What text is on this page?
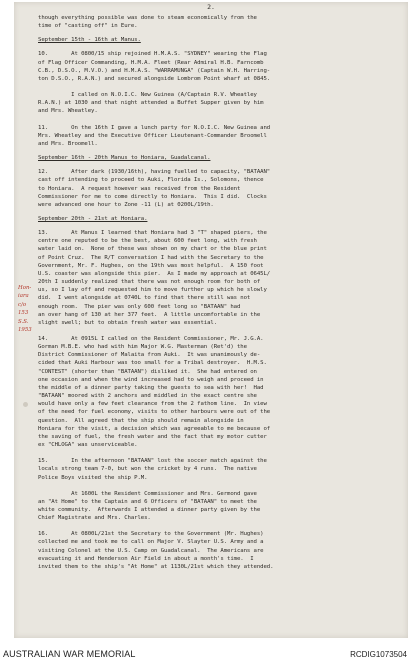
2.
though everything possible was done to steam economically from the
time of "casting off" in Eure.
September 15th - 16th at Manus.
10.       At 0800/15 ship rejoined H.M.A.S. "SYDNEY" wearing the Flag
of Flag Officer Commanding, H.M.A. Fleet (Rear Admiral H.B. Farncomb
C.B., D.S.O., M.V.O.) and H.M.A.S. "WARRAMUNGA" (Captain W.H. Harring-
ton D.S.O., R.A.N.) and secured alongside Lombrom Point wharf at 0845.
I called on N.O.I.C. New Guinea (A/Captain R.V. Wheatley
R.A.N.) at 1030 and that night attended a Buffet Supper given by him
and Mrs. Wheatley.
11.       On the 16th I gave a lunch party for N.O.I.C. New Guinea and
Mrs. Wheatley and the Executive Officer Lieutenant-Commander Broomell
and Mrs. Broomell.
September 16th - 20th Manus to Honiara, Guadalcanal.
12.       After dark (1930/16th), having fuelled to capacity, "BATAAN"
cast off intending to proceed to Auki, Florida Is., Solomons, thence
to Honiara.  A request however was received from the Resident
Commissioner for me to come directly to Honiara.  This I did.  Clocks
were advanced one hour to Zone -11 (L) at 0200L/19th.
September 20th - 21st at Honiara.
13.       At Manus I learned that Honiara had 3 "T" shaped piers, the
centre one reputed to be the best, about 600 feet long, with fresh
water laid on.  None of these was shown on my chart or the blue print
of Point Cruz.  The R/T conversation I had with the Secretary to the
Government, Mr. F. Hughes, on the 19th was most helpful.  A 150 foot
U.S. coaster was alongside this pier.  As I made my approach at 0645L/
20th I suddenly realized that there was not enough room for both of
us, so I lay off and requested him to move further up which he slowly
did.  I went alongside at 0740L to find that there still was not
enough room.  The pier was only 600 feet long so "BATAAN" had
an over hang of 130 at her 377 feet.  A little uncomfortable in the
slight swell; but to obtain fresh water was essential.
14.       At 0915L I called on the Resident Commissioner, Mr. J.G.A.
Gorman M.B.E. who had with him Major W.G. Masterman (Ret'd) the
District Commissioner of Malaita from Auki.  It was unanimously de-
cided that Auki Harbour was too small for a Tribal destroyer.  H.M.S.
"CONTEST" (shorter than "BATAAN") disliked it.  She had entered on
one occasion and when the wind increased had to weigh and proceed in
the middle of a dinner party taking the guests to sea with her!  Had
"BATAAN" moored with 2 anchors and middled in the exact centre she
would have only a few feet clearance from the 2 fathom line.  In view
of the need for fuel economy, visits to other harbours were out of the
question.  All agreed that the ship should remain alongside in
Honiara for the visit, a decision which was agreeable to me because of
the saving of fuel, the fresh water and the fact that my motor cutter
ex "CHLOGA" was unserviceable.
15.       In the afternoon "BATAAN" lost the soccer match against the
locals strong team 7-0, but won the cricket by 4 runs.  The native
Police Boys visited the ship P.M.
At 1600L the Resident Commissioner and Mrs. Germond gave
an "At Home" to the Captain and 6 Officers of "BATAAN" to meet the
white community.  Afterwards I attended a dinner party given by the
Chief Magistrate and Mrs. Charles.
16.       At 0800L/21st the Secretary to the Government (Mr. Hughes)
collected me and took me to call on Major V. Slayter U.S. Army and a
visiting Colonel at the U.S. Camp on Guadalcanal.  The Americans are
evacuating it and Henderson Air Field in about a month's time.  I
invited them to the ship's "At Home" at 1130L/21st which they attended.
Hon-
iara
c/o
153
S.S.
1953
AUSTRALIAN WAR MEMORIAL	RCDIG1073504
